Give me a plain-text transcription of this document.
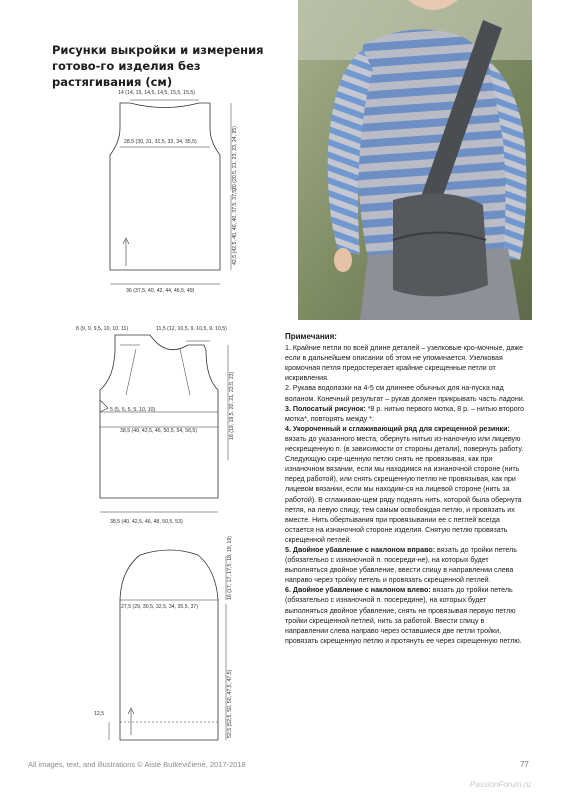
Рисунки выкройки и измерения готово-го изделия без растягивания (см)
14 (14, 15, 14,5, 14,5, 15,5, 15,5)
28,5 (30, 31, 31,5, 33, 34, 35,5)
36 (37,5, 40, 42, 44, 46,5, 49)
20 (20,5, 21, 23, 23, 24, 25)
42,5 (42,5, 40, 40, 40, 37,5, 37,5)
8 (9, 9, 9,5, 10, 10, 11)	11,5 (12, 10,5, 9, 10,5, 9, 10,5)
5 (5, 5, 5, 5, 10, 10)
38,5 (40, 42,5, 46, 50,5, 54, 56,5)
38,5 (40, 42,5, 46, 48, 50,5, 53)
18 (19, 19,5, 20, 21, 22,5, 23)
16 (17, 17, 17,5, 18, 19, 19)
27,5 (29, 30,5, 32,5, 34, 35,5, 37)
52,5 (52,5, 50, 50, 47,5, 47,5)
12,5
Примечания:

1. Крайние петли по всей длине деталей – узелковые кро-мочные, даже если в дальнейшем описании об этом не упоминается. Узелковая кромочная петля предостерегает крайние скрещенные петли от искривления.

2. Рукава водолазки на 4-5 см длиннее обычных для на-пуска над воланом. Конечный результат – рукав должен прикрывать часть ладони.

3. Полосатый рисунок: *8 р. нитью первого мотка, 8 р. – нитью второго мотка*, повторять между *.

4. Укороченный и сглаживающий ряд для скрещенной резинки: вязать до указанного места, обернуть нитью из-наночную или лицевую нескрещенную п. (в зависимости от стороны детали), повернуть работу. Следующую скре-щенную петлю снять не провязывая, как при изнаночном вязании, если мы находимся на изнаночной стороне (нить перед работой), или снять скрещенную петлю не провязывая, как при лицевом вязании, если мы находим-ся на лицевой стороне (нить за работой). В сглаживаю-щем ряду поднять нить, которой была обернута петля, на левую спицу, тем самым освобождая петлю, и провязать их вместе. Нить обертывания при провязывании ее с петлей всегда остается на изнаночной стороне изделия. Снятую петлю провязать скрещенной петлей.

5. Двойное убавление с наклоном вправо: вязать до тройки петель (обязательно с изнаночной п. посереди-не), на которых будет выполняться двойное убавление, ввести спицу в направлении слева направо через тройку петель и провязать скрещенной петлей.

6. Двойное убавление с наклоном влево: вязать до тройки петель (обязательно с изнаночной п. посередине), на которых будет выполняться двойное убавление, снять не провязывая первую петлю тройки скрещенной петлей, нить за работой. Ввести спицу в направлении слева направо через оставшиеся две петли тройки, провязать скрещенную петлю и протянуть ее через скрещенную петлю.

All images, text, and illustrations © Aistė Butkevičienė, 2017-2018	77
PassionForum.ru
